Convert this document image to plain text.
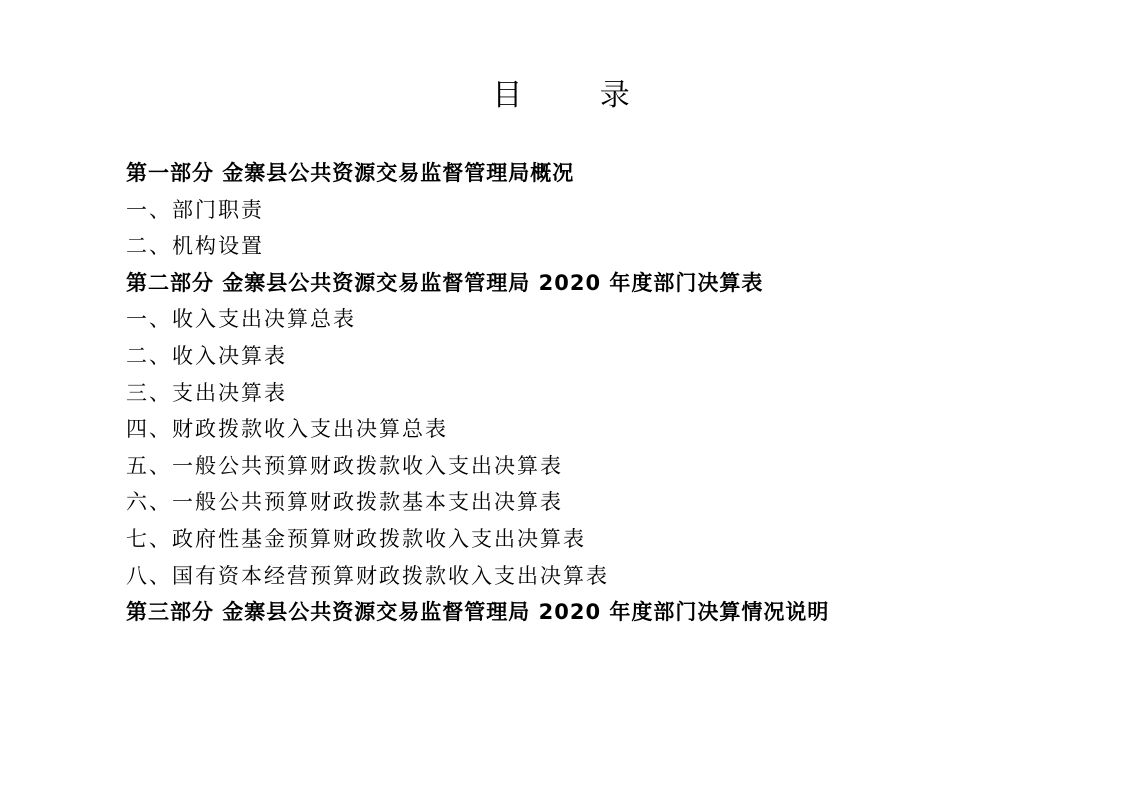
目 录
第一部分 金寨县公共资源交易监督管理局概况
一、部门职责
二、机构设置
第二部分 金寨县公共资源交易监督管理局 2020 年度部门决算表
一、收入支出决算总表
二、收入决算表
三、支出决算表
四、财政拨款收入支出决算总表
五、一般公共预算财政拨款收入支出决算表
六、一般公共预算财政拨款基本支出决算表
七、政府性基金预算财政拨款收入支出决算表
八、国有资本经营预算财政拨款收入支出决算表
第三部分 金寨县公共资源交易监督管理局 2020 年度部门决算情况说明
